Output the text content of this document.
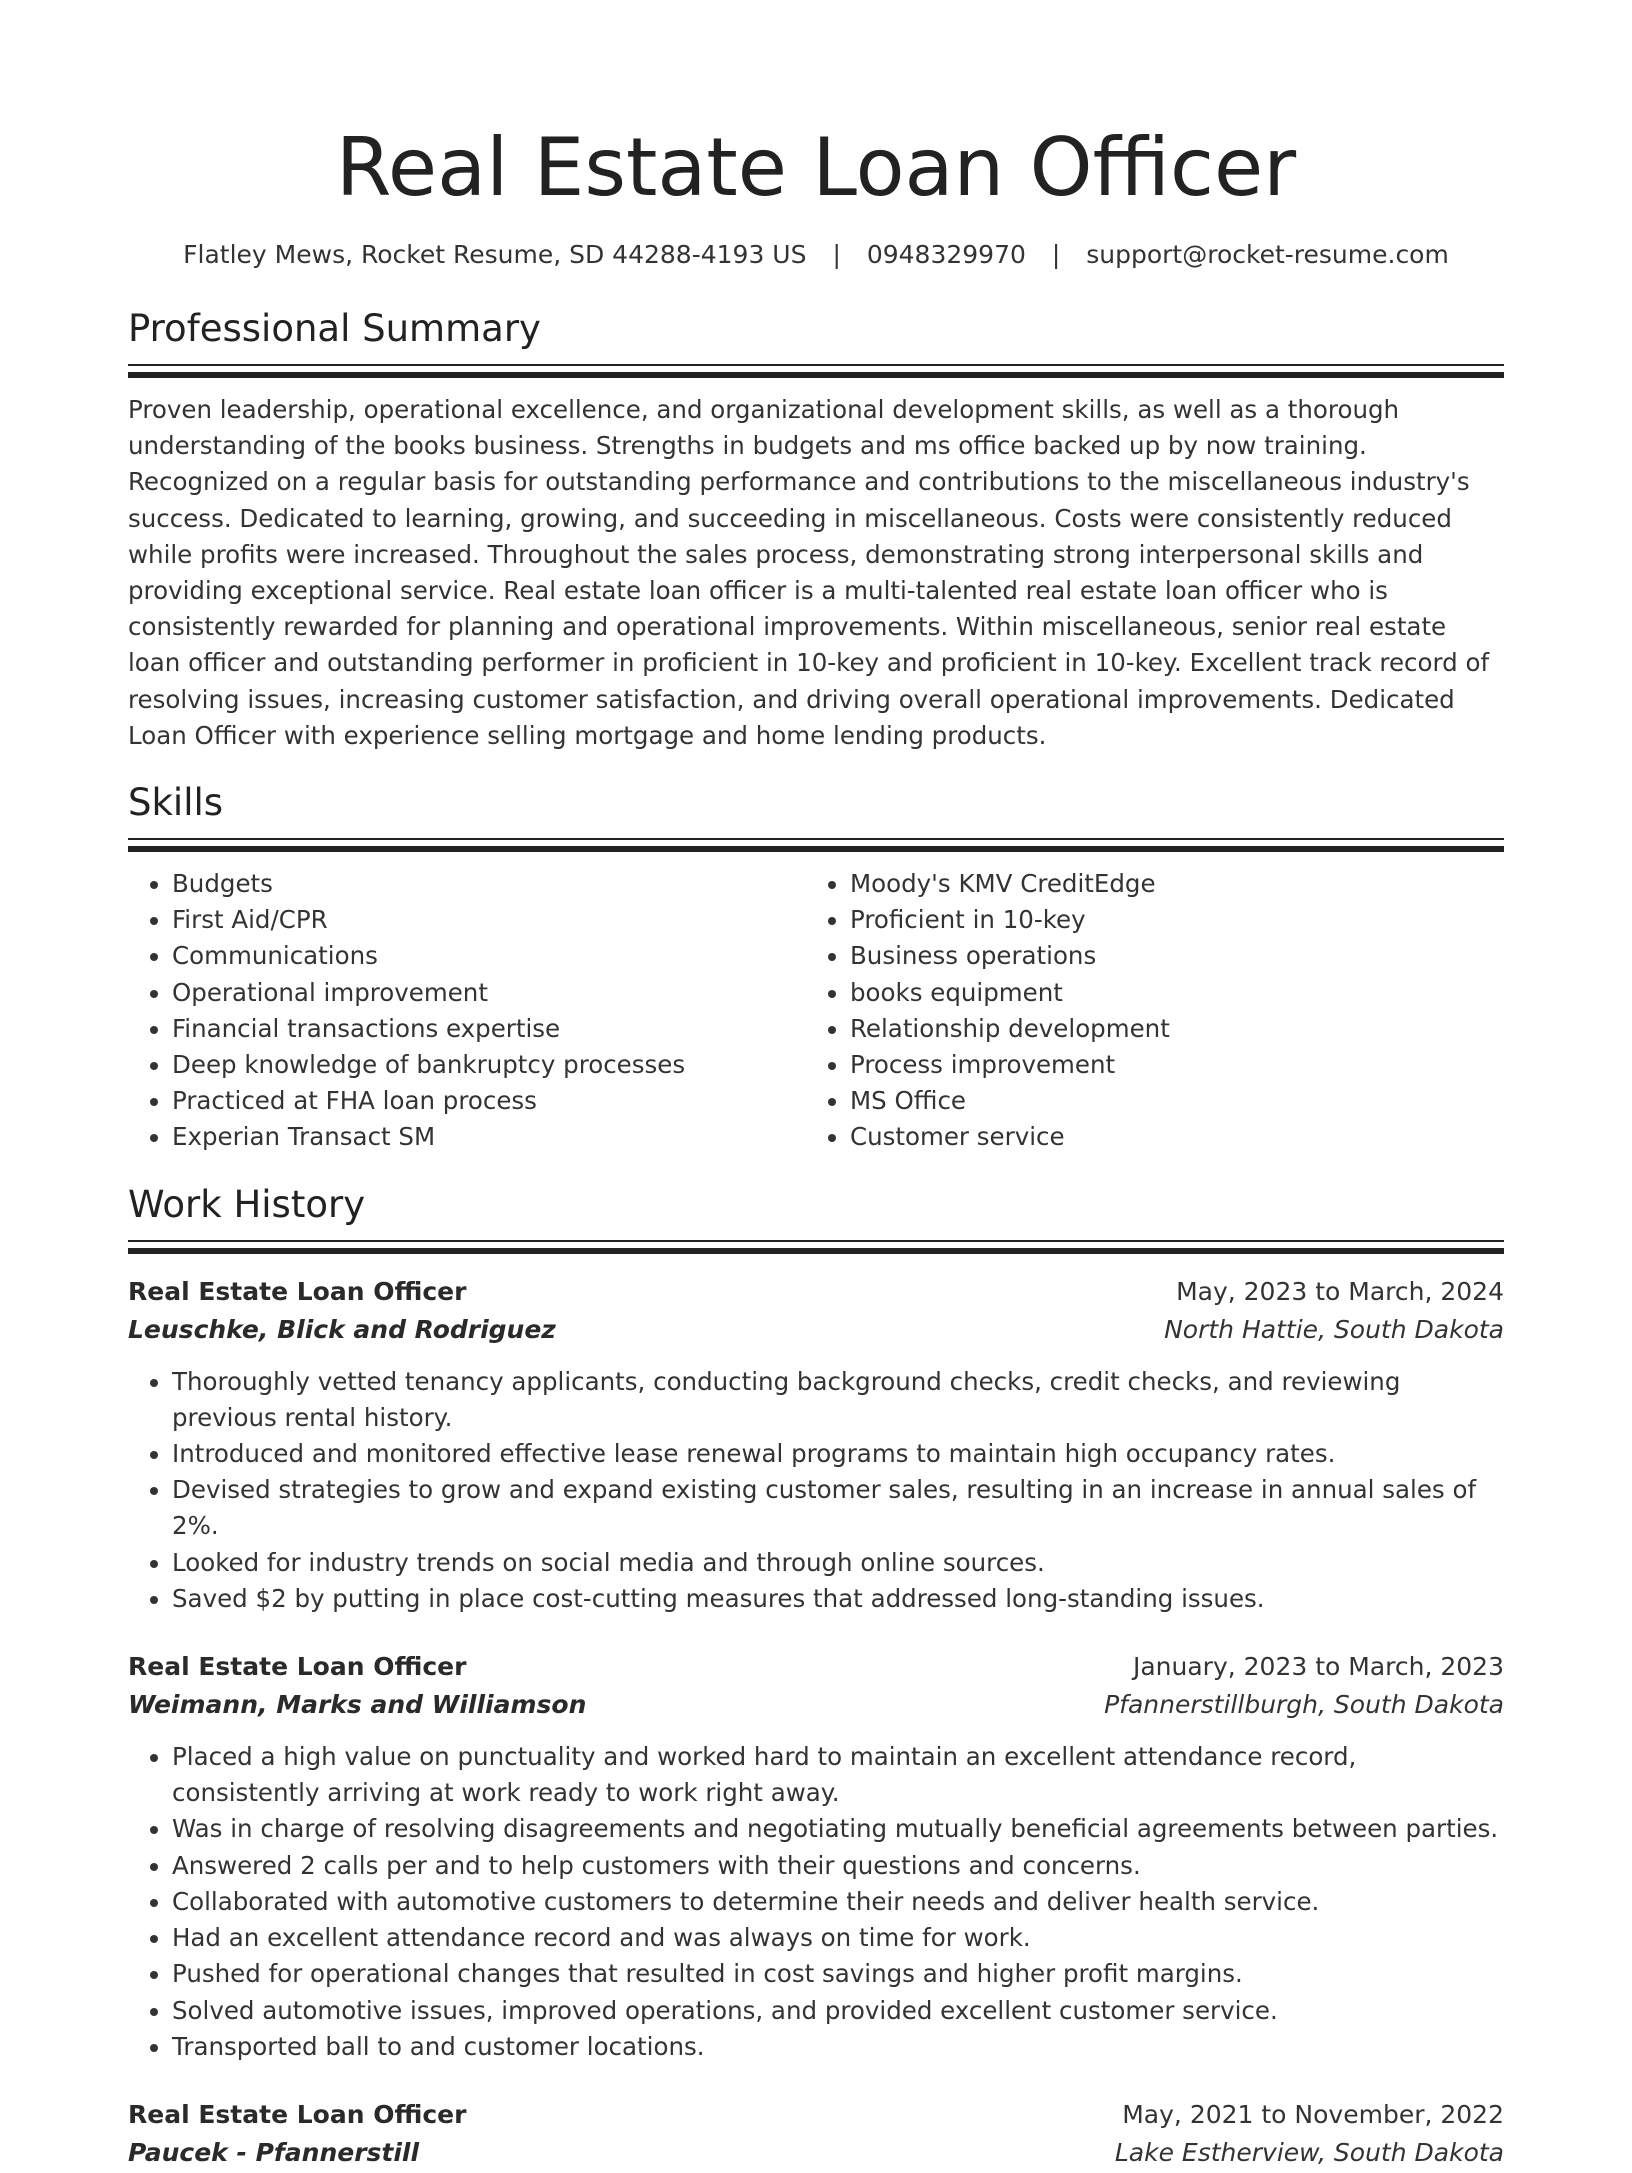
Real Estate Loan Officer
Flatley Mews, Rocket Resume, SD 44288-4193 US | 0948329970 | support@rocket-resume.com
Professional Summary

Proven leadership, operational excellence, and organizational development skills, as well as a thorough understanding of the books business. Strengths in budgets and ms office backed up by now training. Recognized on a regular basis for outstanding performance and contributions to the miscellaneous industry's success. Dedicated to learning, growing, and succeeding in miscellaneous. Costs were consistently reduced while profits were increased. Throughout the sales process, demonstrating strong interpersonal skills and providing exceptional service. Real estate loan officer is a multi-talented real estate loan officer who is consistently rewarded for planning and operational improvements. Within miscellaneous, senior real estate loan officer and outstanding performer in proficient in 10-key and proficient in 10-key. Excellent track record of resolving issues, increasing customer satisfaction, and driving overall operational improvements. Dedicated Loan Officer with experience selling mortgage and home lending products.

Skills
• Budgets
• First Aid/CPR
• Communications
• Operational improvement
• Financial transactions expertise
• Deep knowledge of bankruptcy processes
• Practiced at FHA loan process
• Experian Transact SM
• Moody's KMV CreditEdge
• Proficient in 10-key
• Business operations
• books equipment
• Relationship development
• Process improvement
• MS Office
• Customer service
Work History
Real Estate Loan Officer	May, 2023 to March, 2024
Leuschke, Blick and Rodriguez	North Hattie, South Dakota
• Thoroughly vetted tenancy applicants, conducting background checks, credit checks, and reviewing previous rental history.
• Introduced and monitored effective lease renewal programs to maintain high occupancy rates.
• Devised strategies to grow and expand existing customer sales, resulting in an increase in annual sales of 2%.
• Looked for industry trends on social media and through online sources.
• Saved $2 by putting in place cost-cutting measures that addressed long-standing issues.
Real Estate Loan Officer	January, 2023 to March, 2023
Weimann, Marks and Williamson	Pfannerstillburgh, South Dakota
• Placed a high value on punctuality and worked hard to maintain an excellent attendance record, consistently arriving at work ready to work right away.
• Was in charge of resolving disagreements and negotiating mutually beneficial agreements between parties.
• Answered 2 calls per and to help customers with their questions and concerns.
• Collaborated with automotive customers to determine their needs and deliver health service.
• Had an excellent attendance record and was always on time for work.
• Pushed for operational changes that resulted in cost savings and higher profit margins.
• Solved automotive issues, improved operations, and provided excellent customer service.
• Transported ball to and customer locations.
Real Estate Loan Officer	May, 2021 to November, 2022
Paucek - Pfannerstill	Lake Estherview, South Dakota
